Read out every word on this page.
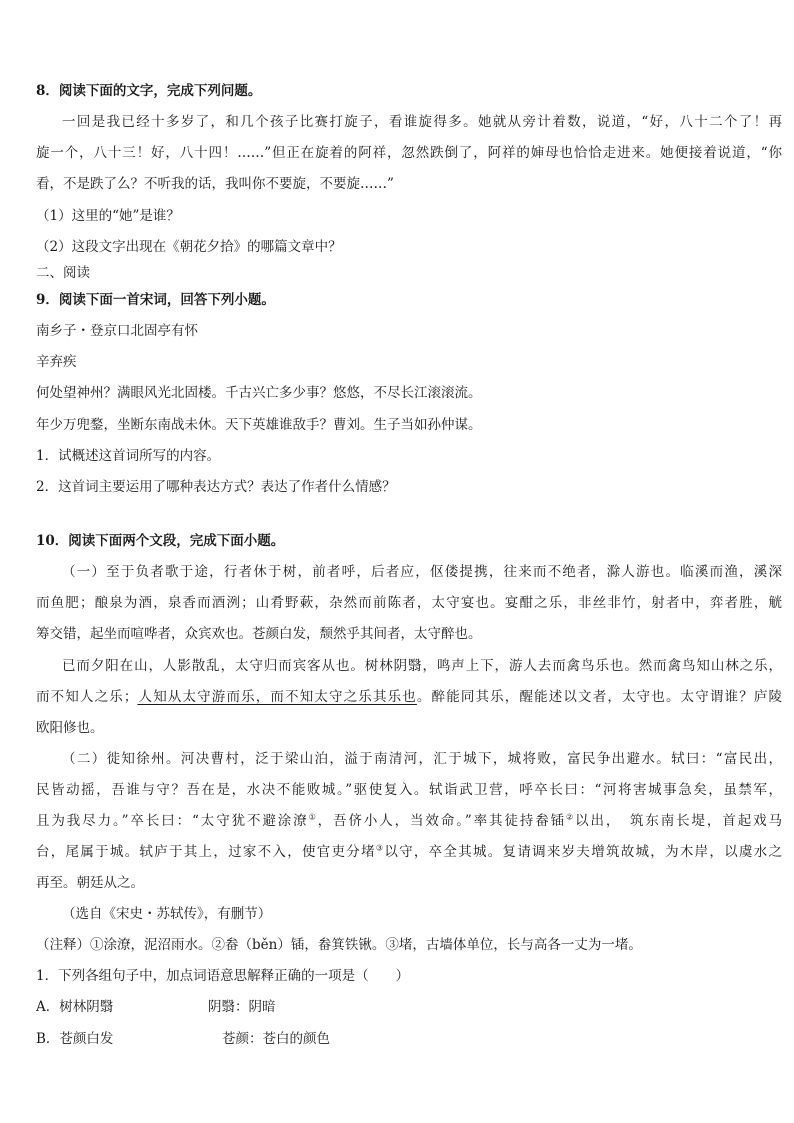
8．阅读下面的文字，完成下列问题。

一回是我已经十多岁了，和几个孩子比赛打旋子，看谁旋得多。她就从旁计着数，说道，“好，八十二个了！再

旋一个，八十三！好，八十四！……”但正在旋着的阿祥，忽然跌倒了，阿祥的婶母也恰恰走进来。她便接着说道，“你

看，不是跌了么？不听我的话，我叫你不要旋，不要旋……”

（1）这里的“她”是谁？

（2）这段文字出现在《朝花夕拾》的哪篇文章中？

二、阅读

9．阅读下面一首宋词，回答下列小题。

南乡子・登京口北固亭有怀

辛弃疾

何处望神州？满眼风光北固楼。千古兴亡多少事？悠悠，不尽长江滚滚流。

年少万兜鍪，坐断东南战未休。天下英雄谁敌手？曹刘。生子当如孙仲谋。

1．试概述这首词所写的内容。

2．这首词主要运用了哪种表达方式？表达了作者什么情感？

10．阅读下面两个文段，完成下面小题。

（一）至于负者歌于途，行者休于树，前者呼，后者应，伛偻提携，往来而不绝者，滁人游也。临溪而渔，溪深

而鱼肥；酿泉为酒，泉香而酒洌；山肴野蔌，杂然而前陈者，太守宴也。宴酣之乐，非丝非竹，射者中，弈者胜，觥

筹交错，起坐而喧哗者，众宾欢也。苍颜白发，颓然乎其间者，太守醉也。

已而夕阳在山，人影散乱，太守归而宾客从也。树林阴翳，鸣声上下，游人去而禽鸟乐也。然而禽鸟知山林之乐，

而不知人之乐；人知从太守游而乐，而不知太守之乐其乐也。醉能同其乐，醒能述以文者，太守也。太守谓谁？庐陵

欧阳修也。

（二）徙知徐州。河决曹村，泛于梁山泊，溢于南清河，汇于城下，城将败，富民争出避水。轼曰：“富民出，

民皆动摇，吾谁与守？吾在是，水决不能败城。”驱使复入。轼诣武卫营，呼卒长曰：“河将害城事急矣，虽禁军，

且为我尽力。”卒长曰：“太守犹不避涂潦①，吾侪小人，当效命。”率其徒持畚锸②以出，　筑东南长堤，首起戏马

台，尾属于城。轼庐于其上，过家不入，使官吏分堵③以守，卒全其城。复请调来岁夫增筑故城，为木岸，以虞水之

再至。朝廷从之。

（选自《宋史・苏轼传》，有删节）

（注释）①涂潦，泥沼雨水。②畚（běn）锸，畚箕铁锹。③堵，古墙体单位，长与高各一丈为一堵。

1．下列各组句子中，加点词语意思解释正确的一项是（　　）

A．树林阴翳	阴翳：阴暗

B．苍颜白发	苍颜：苍白的颜色
